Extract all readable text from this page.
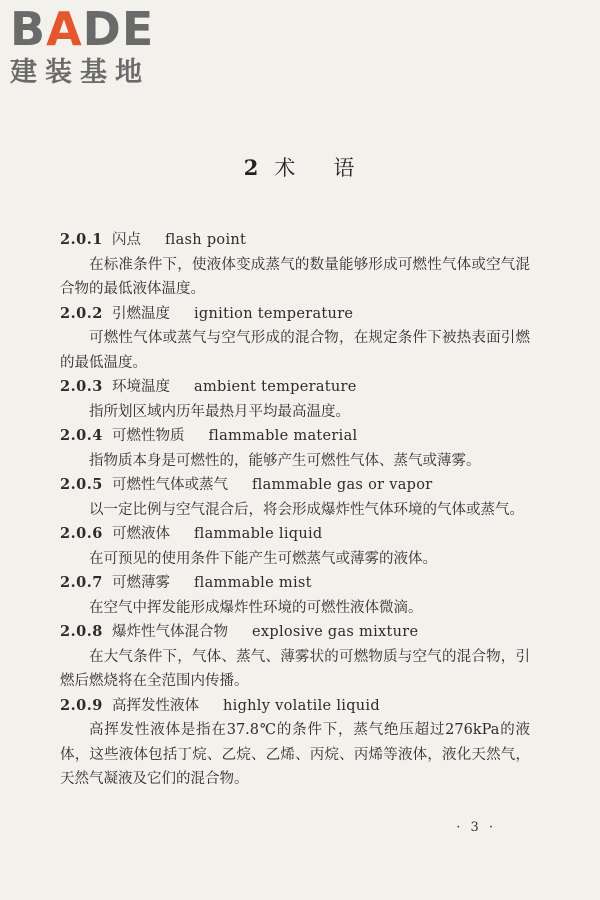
BADE
建装基地
2 术 语
2.0.1 闪点 flash point

在标准条件下，使液体变成蒸气的数量能够形成可燃性气体或空气混合物的最低液体温度。

2.0.2 引燃温度 ignition temperature

可燃性气体或蒸气与空气形成的混合物，在规定条件下被热表面引燃的最低温度。

2.0.3 环境温度 ambient temperature

指所划区域内历年最热月平均最高温度。

2.0.4 可燃性物质 flammable material

指物质本身是可燃性的，能够产生可燃性气体、蒸气或薄雾。

2.0.5 可燃性气体或蒸气 flammable gas or vapor

以一定比例与空气混合后，将会形成爆炸性气体环境的气体或蒸气。

2.0.6 可燃液体 flammable liquid

在可预见的使用条件下能产生可燃蒸气或薄雾的液体。

2.0.7 可燃薄雾 flammable mist

在空气中挥发能形成爆炸性环境的可燃性液体微滴。

2.0.8 爆炸性气体混合物 explosive gas mixture

在大气条件下，气体、蒸气、薄雾状的可燃物质与空气的混合物，引燃后燃烧将在全范围内传播。

2.0.9 高挥发性液体 highly volatile liquid

高挥发性液体是指在37.8℃的条件下，蒸气绝压超过276kPa的液体，这些液体包括丁烷、乙烷、乙烯、丙烷、丙烯等液体，液化天然气，天然气凝液及它们的混合物。

· 3 ·
